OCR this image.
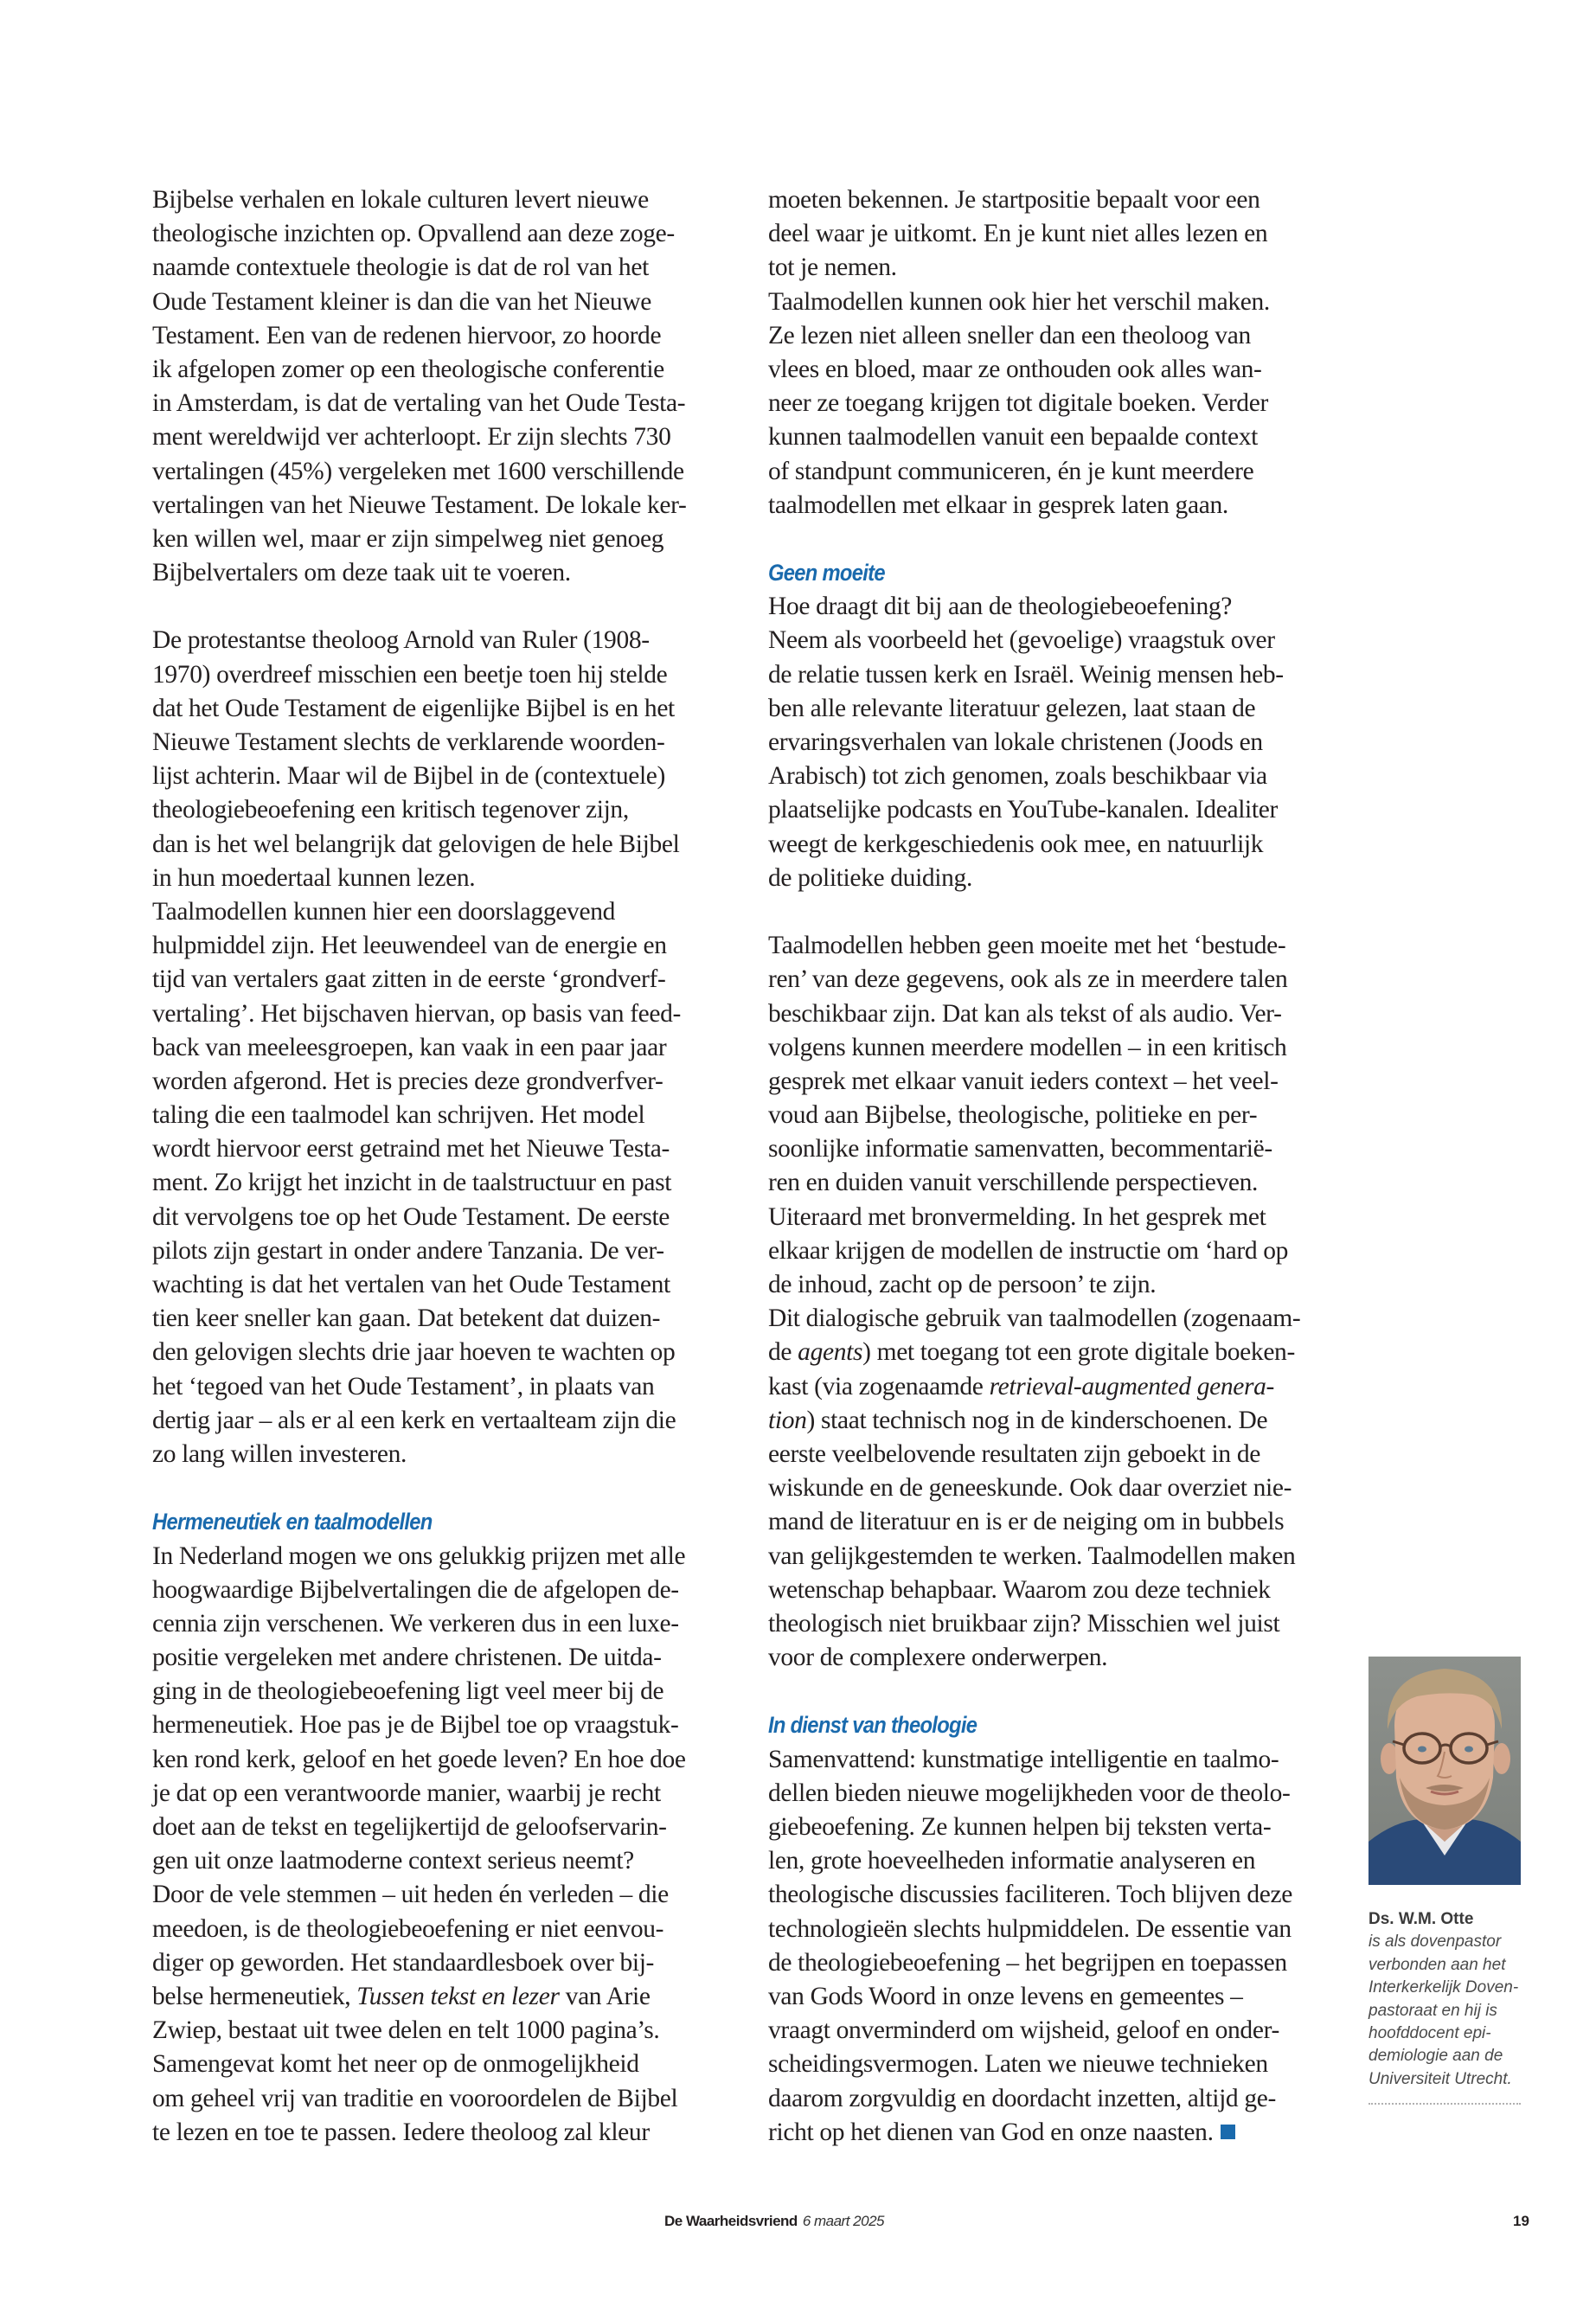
Bijbelse verhalen en lokale culturen levert nieuwe
theologische inzichten op. Opvallend aan deze zoge-
naamde contextuele theologie is dat de rol van het
Oude Testament kleiner is dan die van het Nieuwe
Testament. Een van de redenen hiervoor, zo hoorde
ik afgelopen zomer op een theologische conferentie
in Amsterdam, is dat de vertaling van het Oude Testa-
ment wereldwijd ver achterloopt. Er zijn slechts 730
vertalingen (45%) vergeleken met 1600 verschillende
vertalingen van het Nieuwe Testament. De lokale ker-
ken willen wel, maar er zijn simpelweg niet genoeg
Bijbelvertalers om deze taak uit te voeren.
De protestantse theoloog Arnold van Ruler (1908-
1970) overdreef misschien een beetje toen hij stelde
dat het Oude Testament de eigenlijke Bijbel is en het
Nieuwe Testament slechts de verklarende woorden-
lijst achterin. Maar wil de Bijbel in de (contextuele)
theologiebeoefening een kritisch tegenover zijn,
dan is het wel belangrijk dat gelovigen de hele Bijbel
in hun moedertaal kunnen lezen.
Taalmodellen kunnen hier een doorslaggevend
hulpmiddel zijn. Het leeuwendeel van de energie en
tijd van vertalers gaat zitten in de eerste ‘grondverf-
vertaling’. Het bijschaven hiervan, op basis van feed-
back van meeleesgroepen, kan vaak in een paar jaar
worden afgerond. Het is precies deze grondverfver-
taling die een taalmodel kan schrijven. Het model
wordt hiervoor eerst getraind met het Nieuwe Testa-
ment. Zo krijgt het inzicht in de taalstructuur en past
dit vervolgens toe op het Oude Testament. De eerste
pilots zijn gestart in onder andere Tanzania. De ver-
wachting is dat het vertalen van het Oude Testament
tien keer sneller kan gaan. Dat betekent dat duizen-
den gelovigen slechts drie jaar hoeven te wachten op
het ‘tegoed van het Oude Testament’, in plaats van
dertig jaar – als er al een kerk en vertaalteam zijn die
zo lang willen investeren.
Hermeneutiek en taalmodellen
In Nederland mogen we ons gelukkig prijzen met alle
hoogwaardige Bijbelvertalingen die de afgelopen de-
cennia zijn verschenen. We verkeren dus in een luxe-
positie vergeleken met andere christenen. De uitda-
ging in de theologiebeoefening ligt veel meer bij de
hermeneutiek. Hoe pas je de Bijbel toe op vraagstuk-
ken rond kerk, geloof en het goede leven? En hoe doe
je dat op een verantwoorde manier, waarbij je recht
doet aan de tekst en tegelijkertijd de geloofservarin-
gen uit onze laatmoderne context serieus neemt?
Door de vele stemmen – uit heden én verleden – die
meedoen, is de theologiebeoefening er niet eenvou-
diger op geworden. Het standaardlesboek over bij-
belse hermeneutiek, Tussen tekst en lezer van Arie
Zwiep, bestaat uit twee delen en telt 1000 pagina’s.
Samengevat komt het neer op de onmogelijkheid
om geheel vrij van traditie en vooroordelen de Bijbel
te lezen en toe te passen. Iedere theoloog zal kleur
moeten bekennen. Je startpositie bepaalt voor een
deel waar je uitkomt. En je kunt niet alles lezen en
tot je nemen.
Taalmodellen kunnen ook hier het verschil maken.
Ze lezen niet alleen sneller dan een theoloog van
vlees en bloed, maar ze onthouden ook alles wan-
neer ze toegang krijgen tot digitale boeken. Verder
kunnen taalmodellen vanuit een bepaalde context
of standpunt communiceren, én je kunt meerdere
taalmodellen met elkaar in gesprek laten gaan.
Geen moeite
Hoe draagt dit bij aan de theologiebeoefening?
Neem als voorbeeld het (gevoelige) vraagstuk over
de relatie tussen kerk en Israël. Weinig mensen heb-
ben alle relevante literatuur gelezen, laat staan de
ervaringsverhalen van lokale christenen (Joods en
Arabisch) tot zich genomen, zoals beschikbaar via
plaatselijke podcasts en YouTube-kanalen. Idealiter
weegt de kerkgeschiedenis ook mee, en natuurlijk
de politieke duiding.
Taalmodellen hebben geen moeite met het ‘bestude-
ren’ van deze gegevens, ook als ze in meerdere talen
beschikbaar zijn. Dat kan als tekst of als audio. Ver-
volgens kunnen meerdere modellen – in een kritisch
gesprek met elkaar vanuit ieders context – het veel-
voud aan Bijbelse, theologische, politieke en per-
soonlijke informatie samenvatten, becommentarië-
ren en duiden vanuit verschillende perspectieven.
Uiteraard met bronvermelding. In het gesprek met
elkaar krijgen de modellen de instructie om ‘hard op
de inhoud, zacht op de persoon’ te zijn.
Dit dialogische gebruik van taalmodellen (zogenaam-
de agents) met toegang tot een grote digitale boeken-
kast (via zogenaamde retrieval-augmented genera-
tion) staat technisch nog in de kinderschoenen. De
eerste veelbelovende resultaten zijn geboekt in de
wiskunde en de geneeskunde. Ook daar overziet nie-
mand de literatuur en is er de neiging om in bubbels
van gelijkgestemden te werken. Taalmodellen maken
wetenschap behapbaar. Waarom zou deze techniek
theologisch niet bruikbaar zijn? Misschien wel juist
voor de complexere onderwerpen.
In dienst van theologie
Samenvattend: kunstmatige intelligentie en taalmo-
dellen bieden nieuwe mogelijkheden voor de theolo-
giebeoefening. Ze kunnen helpen bij teksten verta-
len, grote hoeveelheden informatie analyseren en
theologische discussies faciliteren. Toch blijven deze
technologieën slechts hulpmiddelen. De essentie van
de theologiebeoefening – het begrijpen en toepassen
van Gods Woord in onze levens en gemeentes –
vraagt onverminderd om wijsheid, geloof en onder-
scheidingsvermogen. Laten we nieuwe technieken
daarom zorgvuldig en doordacht inzetten, altijd ge-
richt op het dienen van God en onze naasten.
Ds. W.M. Otte
is als dovenpastor
verbonden aan het
Interkerkelijk Doven-
pastoraat en hij is
hoofddocent epi-
demiologie aan de
Universiteit Utrecht.
De Waarheidsvriend 6 maart 2025	19
